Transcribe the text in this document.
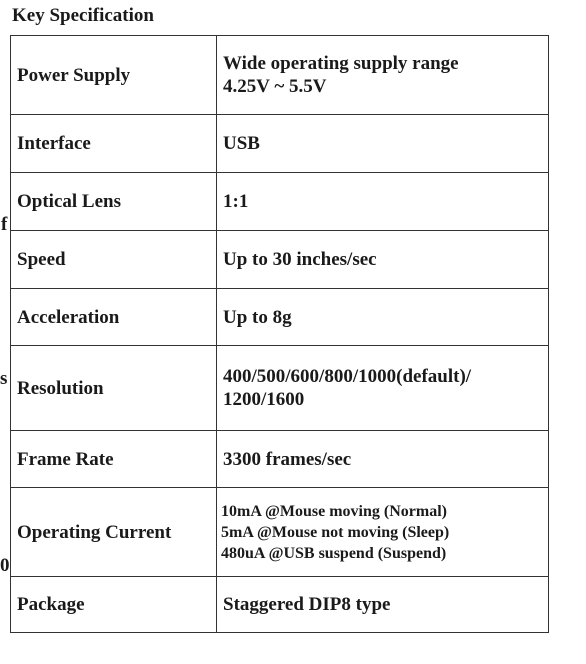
Key Specification
Power Supply	Wide operating supply range
4.25V ~ 5.5V

Interface	USB

Optical Lens	1:1

Speed	Up to 30 inches/sec

Acceleration	Up to 8g

Resolution	400/500/600/800/1000(default)/
1200/1600

Frame Rate	3300 frames/sec

Operating Current	10mA @Mouse moving (Normal)
5mA @Mouse not moving (Sleep)
480uA @USB suspend (Suspend)

Package	Staggered DIP8 type
f
s
0
